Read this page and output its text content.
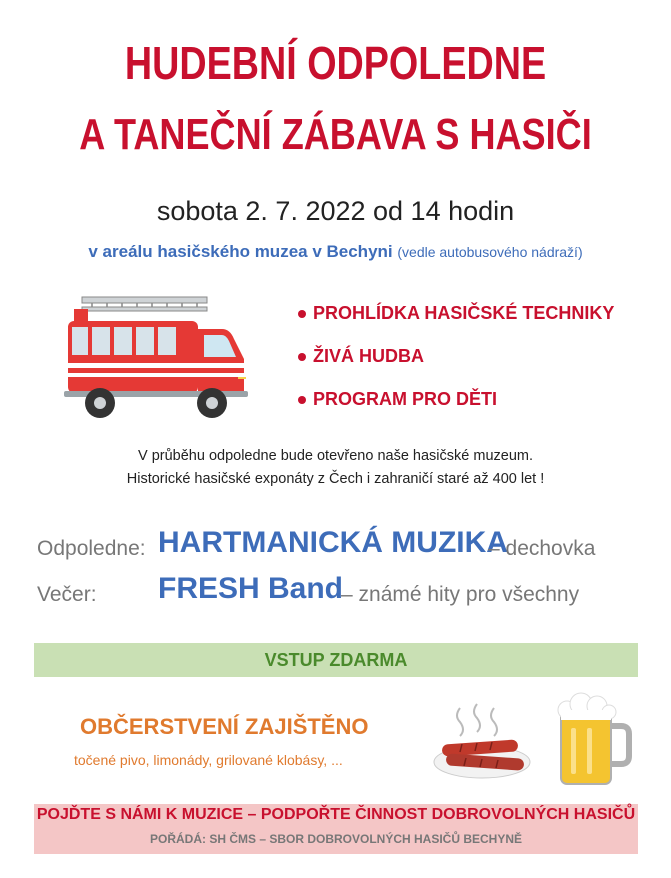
HUDEBNÍ ODPOLEDNE
A TANEČNÍ ZÁBAVA S HASIČI
sobota 2. 7. 2022 od 14 hodin
v areálu hasičského muzea v Bechyni (vedle autobusového nádraží)
PROHLÍDKA HASIČSKÉ TECHNIKY
ŽIVÁ HUDBA
PROGRAM PRO DĚTI
V průběhu odpoledne bude otevřeno naše hasičské muzeum.
Historické hasičské exponáty z Čech i zahraničí staré až 400 let !
Odpoledne: HARTMANICKÁ MUZIKA
– dechovka
Večer: FRESH Band
– známé hity pro všechny
VSTUP ZDARMA
OBČERSTVENÍ ZAJIŠTĚNO
točené pivo, limonády, grilované klobásy, ...
POJĎTE S NÁMI K MUZICE – PODPOŘTE ČINNOST DOBROVOLNÝCH HASIČŮ
POŘÁDÁ: SH ČMS – SBOR DOBROVOLNÝCH HASIČŮ BECHYNĚ
